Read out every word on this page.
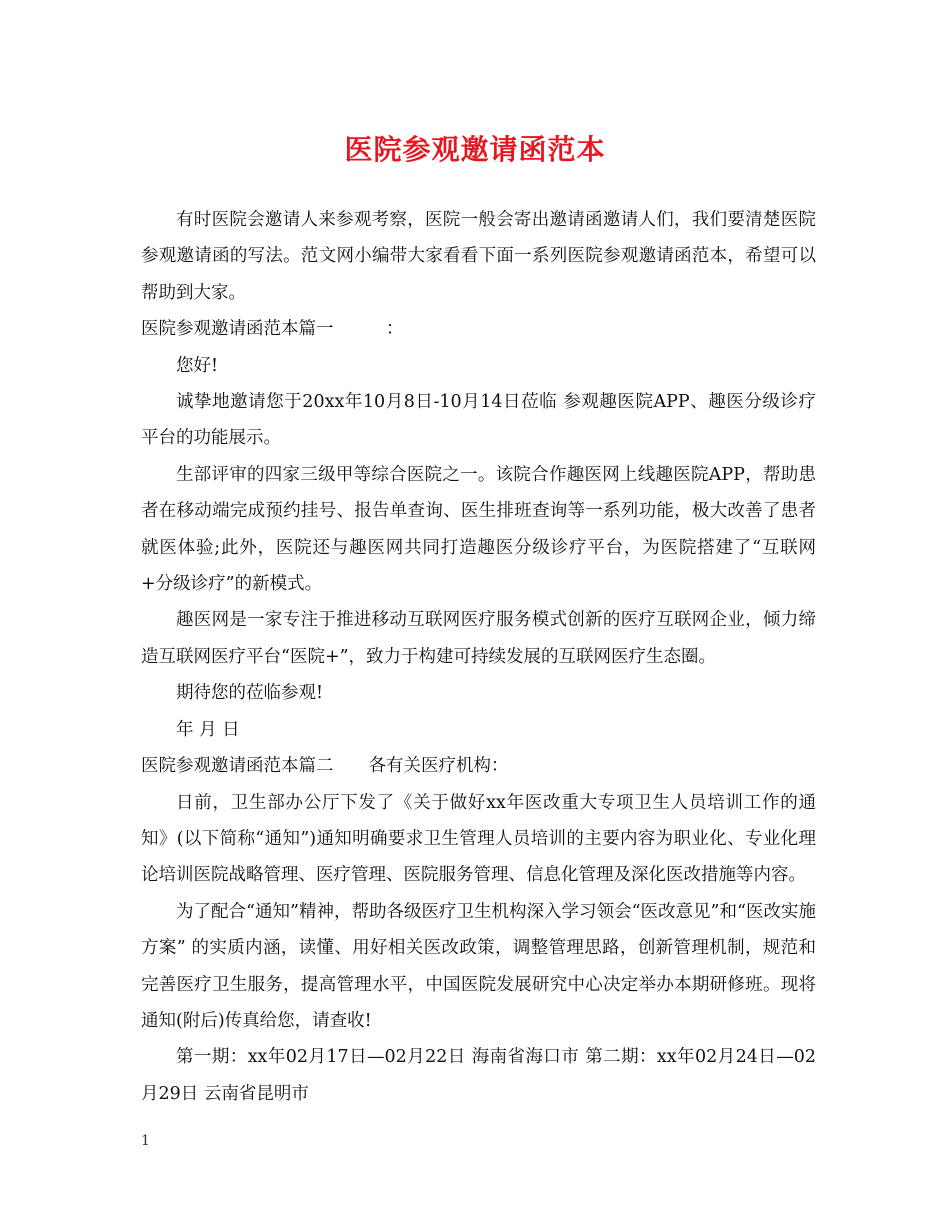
医院参观邀请函范本

有时医院会邀请人来参观考察，医院一般会寄出邀请函邀请人们，我们要清楚医院参观邀请函的写法。范文网小编带大家看看下面一系列医院参观邀请函范本，希望可以帮助到大家。

医院参观邀请函范本篇一　　　：

您好!

诚挚地邀请您于20xx年10月8日-10月14日莅临 参观趣医院APP、趣医分级诊疗平台的功能展示。

生部评审的四家三级甲等综合医院之一。该院合作趣医网上线趣医院APP，帮助患者在移动端完成预约挂号、报告单查询、医生排班查询等一系列功能，极大改善了患者就医体验;此外，医院还与趣医网共同打造趣医分级诊疗平台，为医院搭建了“互联网+分级诊疗”的新模式。

趣医网是一家专注于推进移动互联网医疗服务模式创新的医疗互联网企业，倾力缔造互联网医疗平台“医院+”，致力于构建可持续发展的互联网医疗生态圈。

期待您的莅临参观!

年 月 日

医院参观邀请函范本篇二　　各有关医疗机构：

日前，卫生部办公厅下发了《关于做好xx年医改重大专项卫生人员培训工作的通知》(以下简称“通知”)通知明确要求卫生管理人员培训的主要内容为职业化、专业化理论培训医院战略管理、医疗管理、医院服务管理、信息化管理及深化医改措施等内容。

为了配合“通知”精神，帮助各级医疗卫生机构深入学习领会“医改意见”和“医改实施方案” 的实质内涵，读懂、用好相关医改政策，调整管理思路，创新管理机制，规范和完善医疗卫生服务，提高管理水平，中国医院发展研究中心决定举办本期研修班。现将通知(附后)传真给您，请查收!

第一期：xx年02月17日—02月22日 海南省海口市 第二期：xx年02月24日—02月29日 云南省昆明市

1
